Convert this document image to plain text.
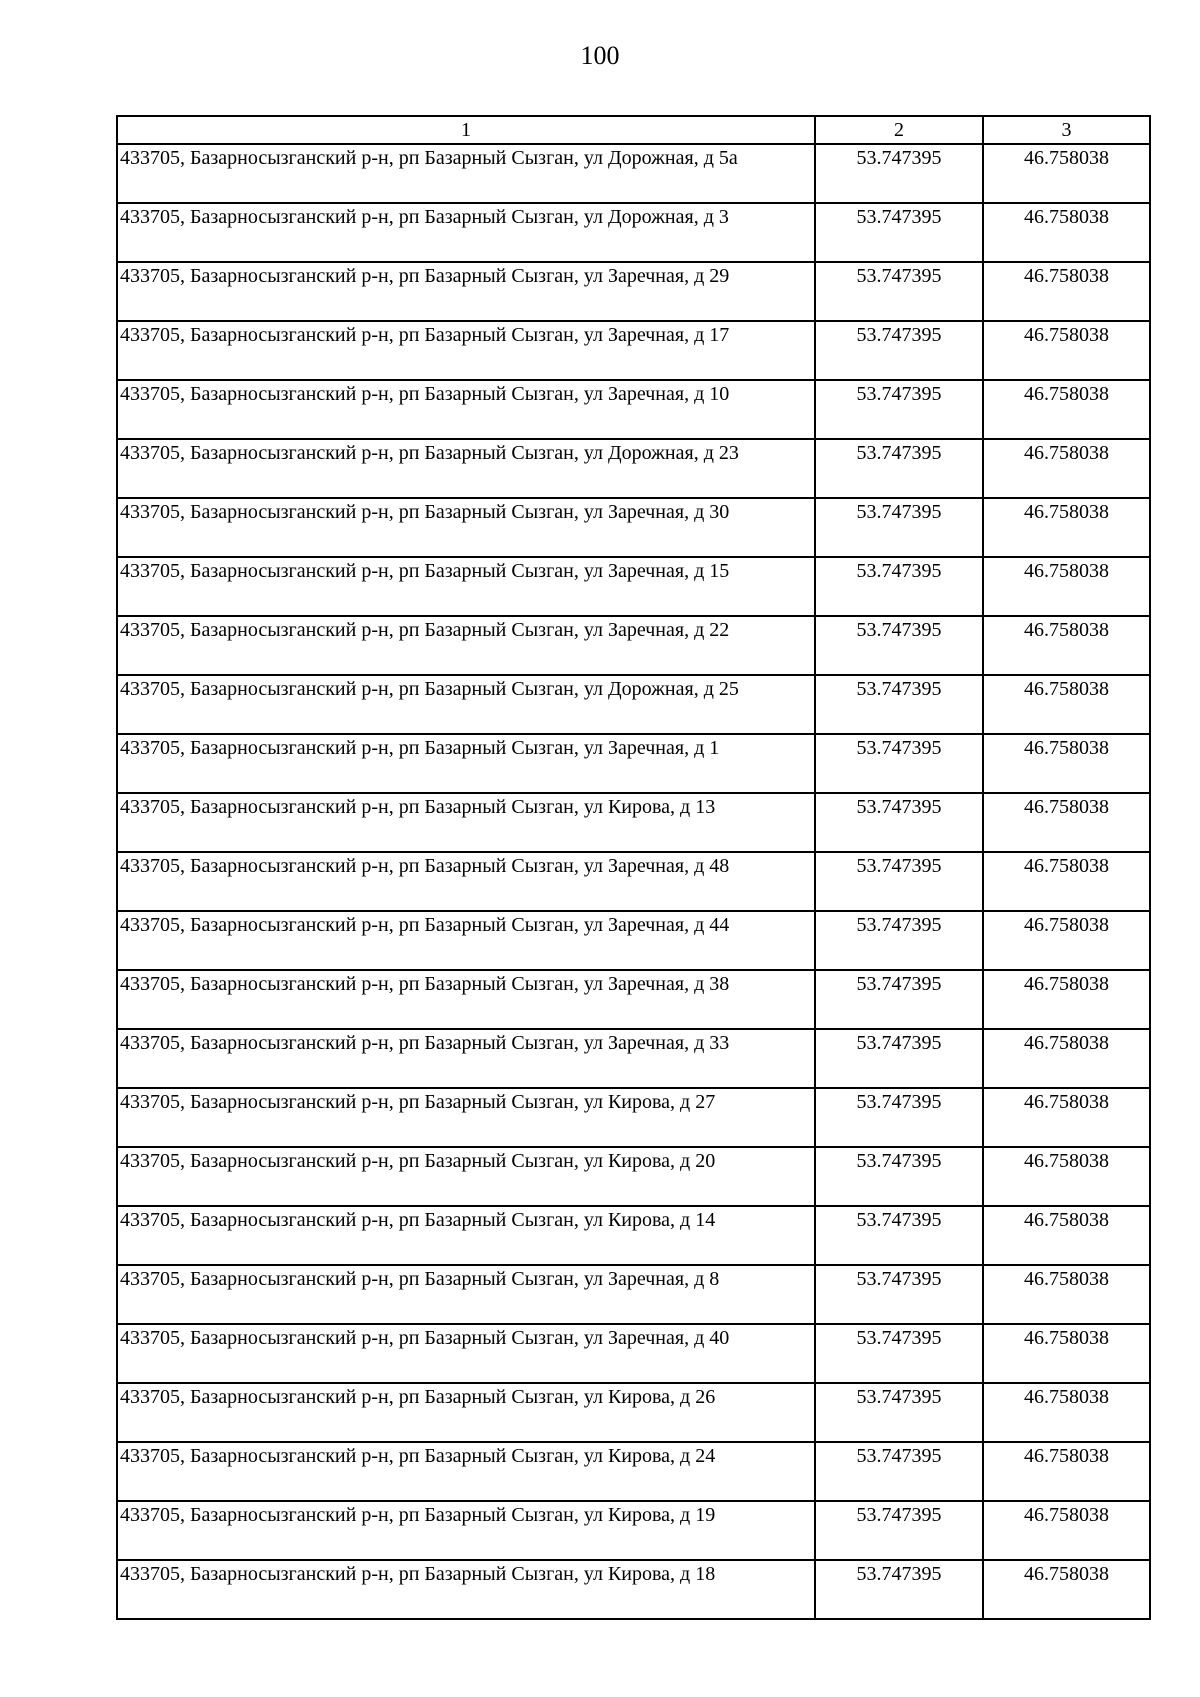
100
1	2	3
433705, Базарносызганский р-н, рп Базарный Сызган, ул Дорожная, д 5а	53.747395	46.758038
433705, Базарносызганский р-н, рп Базарный Сызган, ул Дорожная, д 3	53.747395	46.758038
433705, Базарносызганский р-н, рп Базарный Сызган, ул Заречная, д 29	53.747395	46.758038
433705, Базарносызганский р-н, рп Базарный Сызган, ул Заречная, д 17	53.747395	46.758038
433705, Базарносызганский р-н, рп Базарный Сызган, ул Заречная, д 10	53.747395	46.758038
433705, Базарносызганский р-н, рп Базарный Сызган, ул Дорожная, д 23	53.747395	46.758038
433705, Базарносызганский р-н, рп Базарный Сызган, ул Заречная, д 30	53.747395	46.758038
433705, Базарносызганский р-н, рп Базарный Сызган, ул Заречная, д 15	53.747395	46.758038
433705, Базарносызганский р-н, рп Базарный Сызган, ул Заречная, д 22	53.747395	46.758038
433705, Базарносызганский р-н, рп Базарный Сызган, ул Дорожная, д 25	53.747395	46.758038
433705, Базарносызганский р-н, рп Базарный Сызган, ул Заречная, д 1	53.747395	46.758038
433705, Базарносызганский р-н, рп Базарный Сызган, ул Кирова, д 13	53.747395	46.758038
433705, Базарносызганский р-н, рп Базарный Сызган, ул Заречная, д 48	53.747395	46.758038
433705, Базарносызганский р-н, рп Базарный Сызган, ул Заречная, д 44	53.747395	46.758038
433705, Базарносызганский р-н, рп Базарный Сызган, ул Заречная, д 38	53.747395	46.758038
433705, Базарносызганский р-н, рп Базарный Сызган, ул Заречная, д 33	53.747395	46.758038
433705, Базарносызганский р-н, рп Базарный Сызган, ул Кирова, д 27	53.747395	46.758038
433705, Базарносызганский р-н, рп Базарный Сызган, ул Кирова, д 20	53.747395	46.758038
433705, Базарносызганский р-н, рп Базарный Сызган, ул Кирова, д 14	53.747395	46.758038
433705, Базарносызганский р-н, рп Базарный Сызган, ул Заречная, д 8	53.747395	46.758038
433705, Базарносызганский р-н, рп Базарный Сызган, ул Заречная, д 40	53.747395	46.758038
433705, Базарносызганский р-н, рп Базарный Сызган, ул Кирова, д 26	53.747395	46.758038
433705, Базарносызганский р-н, рп Базарный Сызган, ул Кирова, д 24	53.747395	46.758038
433705, Базарносызганский р-н, рп Базарный Сызган, ул Кирова, д 19	53.747395	46.758038
433705, Базарносызганский р-н, рп Базарный Сызган, ул Кирова, д 18	53.747395	46.758038
